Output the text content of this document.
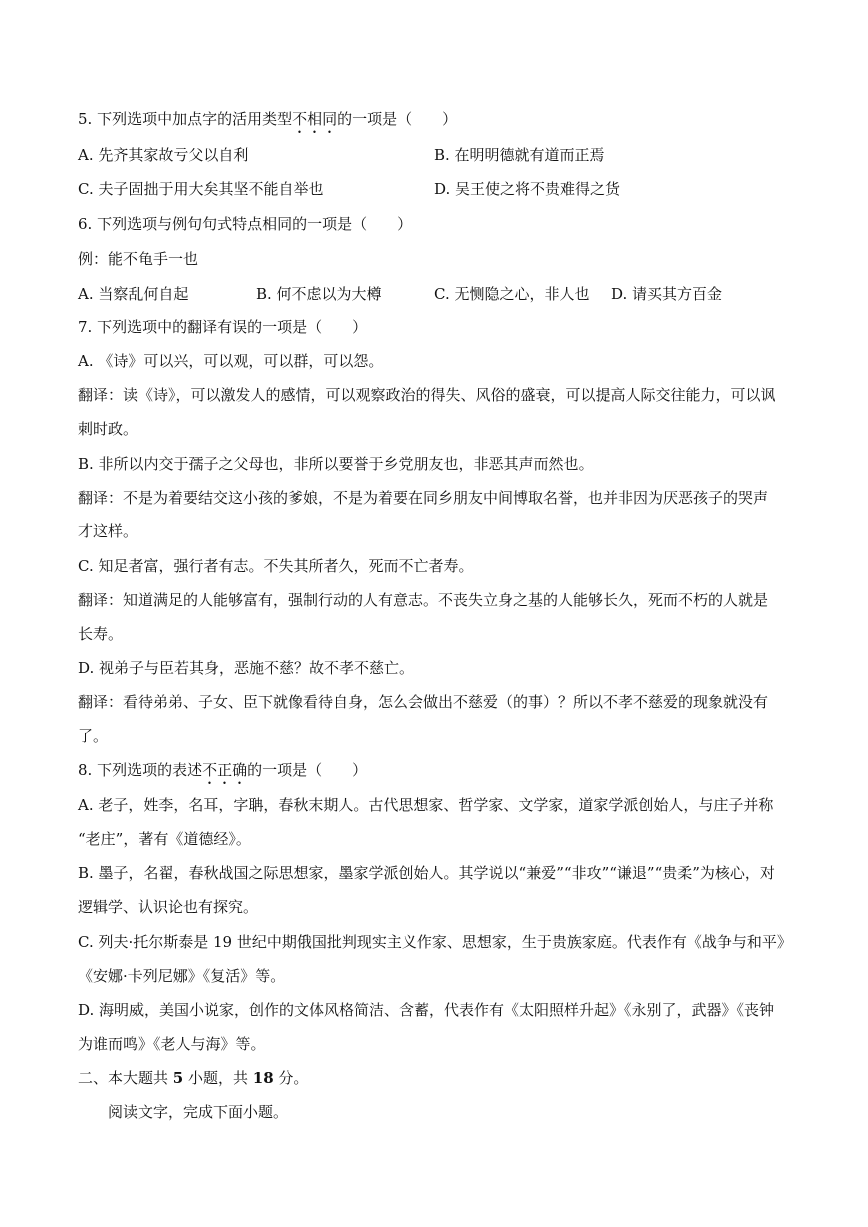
5. 下列选项中加点字的活用类型不相同的一项是（　　）
A. 先齐其家故亏父以自利	B. 在明明德就有道而正焉
C. 夫子固拙于用大矣其坚不能自举也	D. 吴王使之将不贵难得之货
6. 下列选项与例句句式特点相同的一项是（　　）
例：能不龟手一也
A. 当察乱何自起	B. 何不虑以为大樽	C. 无恻隐之心，非人也 D. 请买其方百金
7. 下列选项中的翻译有误的一项是（　　）
A. 《诗》可以兴，可以观，可以群，可以怨。
翻译：读《诗》，可以激发人的感情，可以观察政治的得失、风俗的盛衰，可以提高人际交往能力，可以讽
刺时政。
B. 非所以内交于孺子之父母也，非所以要誉于乡党朋友也，非恶其声而然也。
翻译：不是为着要结交这小孩的爹娘，不是为着要在同乡朋友中间博取名誉，也并非因为厌恶孩子的哭声
才这样。
C. 知足者富，强行者有志。不失其所者久，死而不亡者寿。
翻译：知道满足的人能够富有，强制行动的人有意志。不丧失立身之基的人能够长久，死而不朽的人就是
长寿。
D. 视弟子与臣若其身，恶施不慈？故不孝不慈亡。
翻译：看待弟弟、子女、臣下就像看待自身，怎么会做出不慈爱（的事）？所以不孝不慈爱的现象就没有
了。
8. 下列选项的表述不正确的一项是（　　）
A. 老子，姓李，名耳，字聃，春秋末期人。古代思想家、哲学家、文学家，道家学派创始人，与庄子并称
“老庄”，著有《道德经》。
B. 墨子，名翟，春秋战国之际思想家，墨家学派创始人。其学说以“兼爱”“非攻”“谦退”“贵柔”为核心，对
逻辑学、认识论也有探究。
C. 列夫·托尔斯泰是 19 世纪中期俄国批判现实主义作家、思想家，生于贵族家庭。代表作有《战争与和平》
《安娜·卡列尼娜》《复活》等。
D. 海明威，美国小说家，创作的文体风格简洁、含蓄，代表作有《太阳照样升起》《永别了，武器》《丧钟
为谁而鸣》《老人与海》等。
二、本大题共 5 小题，共 18 分。
阅读文字，完成下面小题。
